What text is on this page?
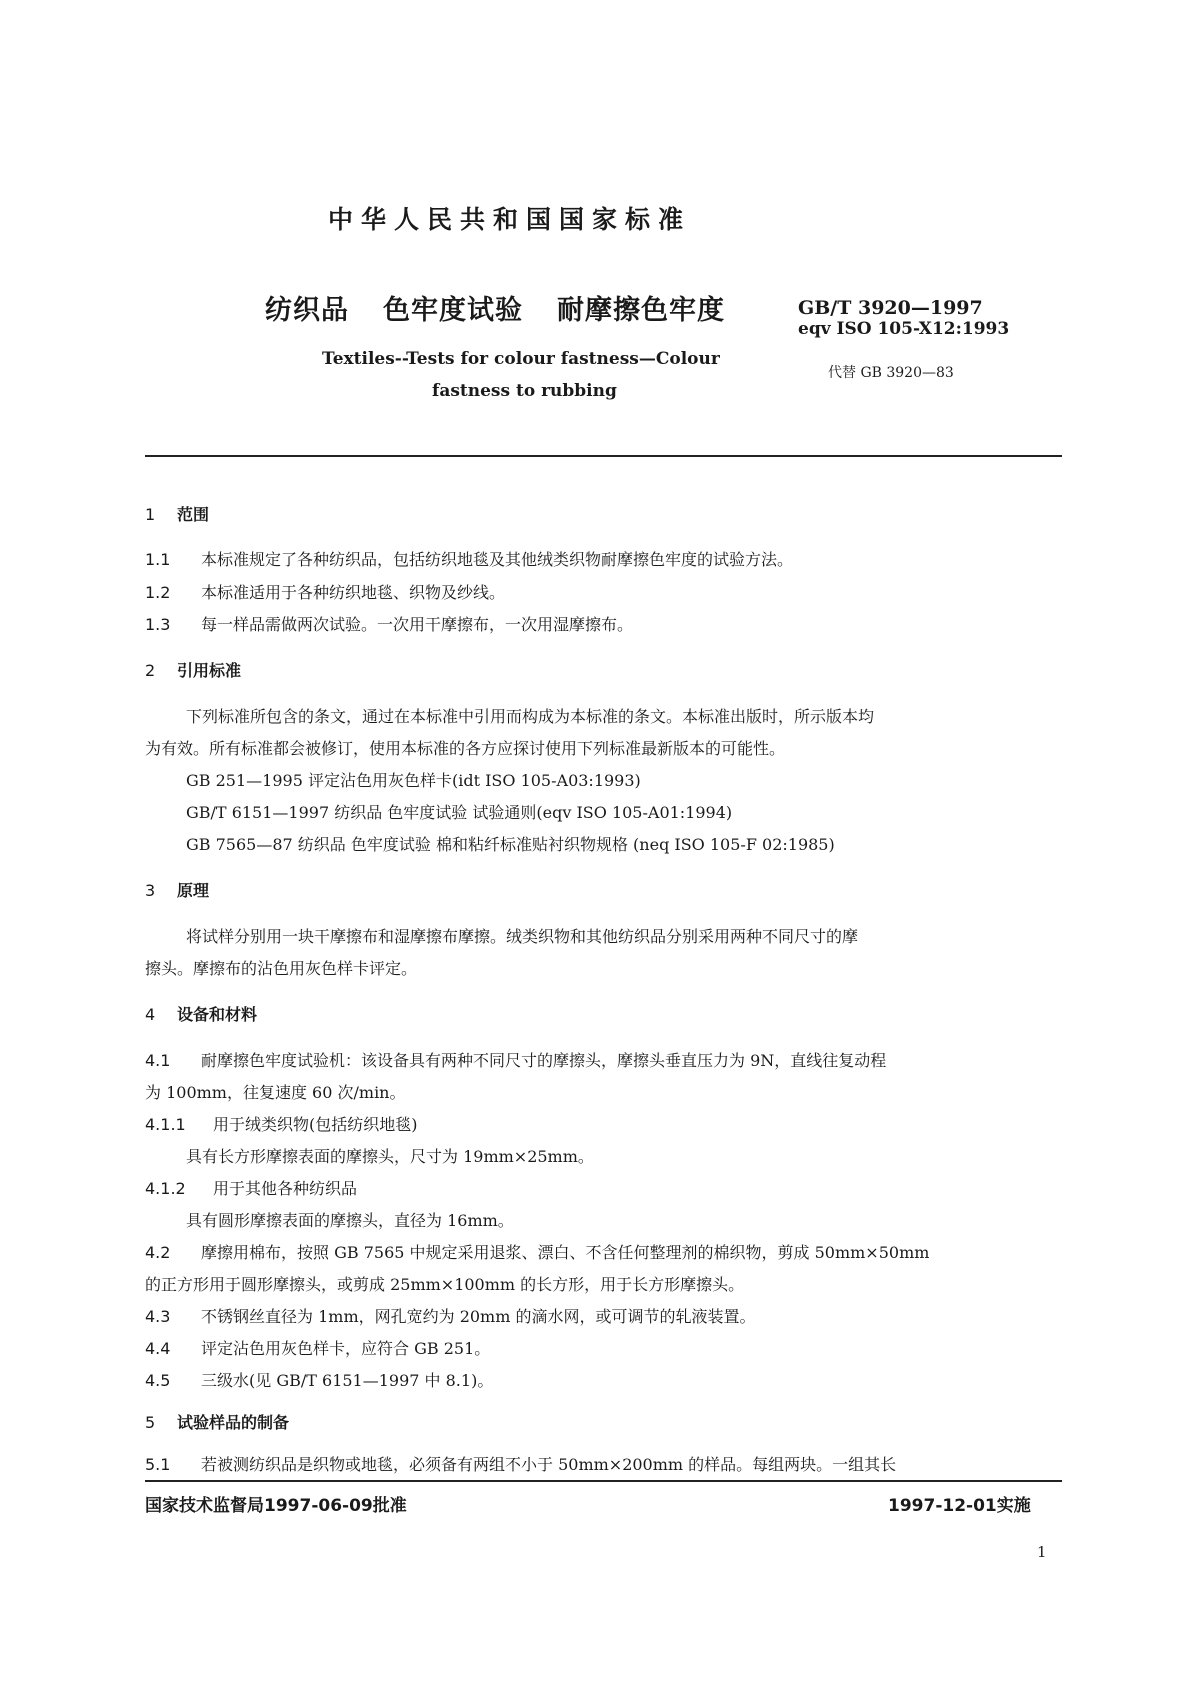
中华人民共和国国家标准
纺织品 色牢度试验 耐摩擦色牢度
Textiles--Tests for colour fastness—Colour
fastness to rubbing
GB/T 3920—1997
eqv ISO 105-X12:1993
代替 GB 3920—83
1 范围
1.1 本标准规定了各种纺织品，包括纺织地毯及其他绒类织物耐摩擦色牢度的试验方法。
1.2 本标准适用于各种纺织地毯、织物及纱线。
1.3 每一样品需做两次试验。一次用干摩擦布，一次用湿摩擦布。
2 引用标准
下列标准所包含的条文，通过在本标准中引用而构成为本标准的条文。本标准出版时，所示版本均
为有效。所有标准都会被修订，使用本标准的各方应探讨使用下列标准最新版本的可能性。
GB 251—1995 评定沾色用灰色样卡(idt ISO 105-A03:1993)
GB/T 6151—1997 纺织品 色牢度试验 试验通则(eqv ISO 105-A01:1994)
GB 7565—87 纺织品 色牢度试验 棉和粘纤标准贴衬织物规格 (neq ISO 105-F 02:1985)
3 原理
将试样分别用一块干摩擦布和湿摩擦布摩擦。绒类织物和其他纺织品分别采用两种不同尺寸的摩
擦头。摩擦布的沾色用灰色样卡评定。
4 设备和材料
4.1 耐摩擦色牢度试验机：该设备具有两种不同尺寸的摩擦头，摩擦头垂直压力为 9N，直线往复动程
为 100mm，往复速度 60 次/min。
4.1.1 用于绒类织物(包括纺织地毯)
具有长方形摩擦表面的摩擦头，尺寸为 19mm×25mm。
4.1.2 用于其他各种纺织品
具有圆形摩擦表面的摩擦头，直径为 16mm。
4.2 摩擦用棉布，按照 GB 7565 中规定采用退浆、漂白、不含任何整理剂的棉织物，剪成 50mm×50mm
的正方形用于圆形摩擦头，或剪成 25mm×100mm 的长方形，用于长方形摩擦头。
4.3 不锈钢丝直径为 1mm，网孔宽约为 20mm 的滴水网，或可调节的轧液装置。
4.4 评定沾色用灰色样卡，应符合 GB 251。
4.5 三级水(见 GB/T 6151—1997 中 8.1)。
5 试验样品的制备
5.1 若被测纺织品是织物或地毯，必须备有两组不小于 50mm×200mm 的样品。每组两块。一组其长
国家技术监督局1997-06-09批准	1997-12-01实施
1
